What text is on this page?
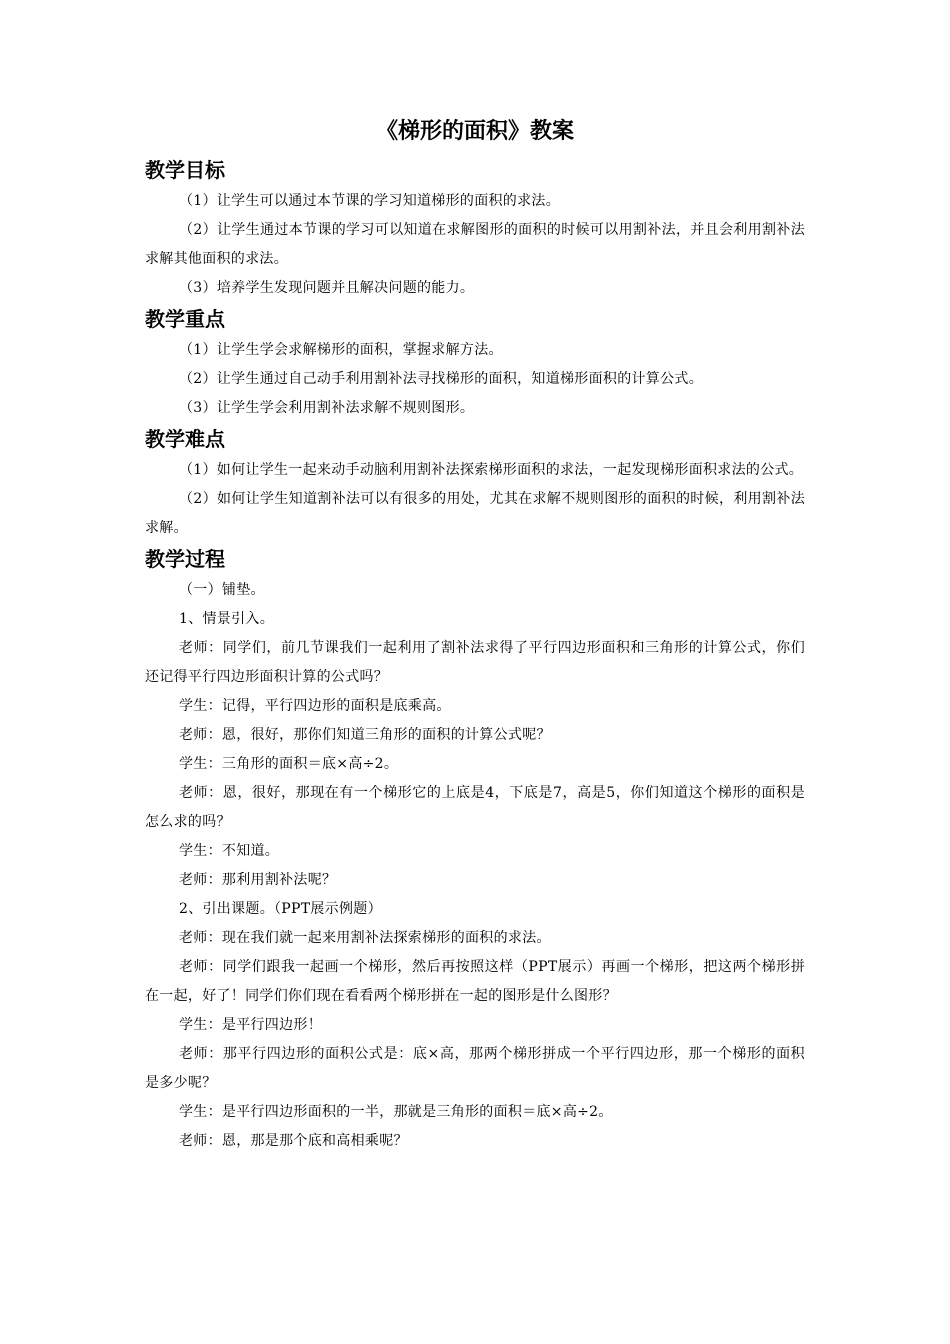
《梯形的面积》教案
教学目标

（1）让学生可以通过本节课的学习知道梯形的面积的求法。

（2）让学生通过本节课的学习可以知道在求解图形的面积的时候可以用割补法，并且会利用割补法求解其他面积的求法。

（3）培养学生发现问题并且解决问题的能力。

教学重点

（1）让学生学会求解梯形的面积，掌握求解方法。

（2）让学生通过自己动手利用割补法寻找梯形的面积，知道梯形面积的计算公式。

（3）让学生学会利用割补法求解不规则图形。

教学难点

（1）如何让学生一起来动手动脑利用割补法探索梯形面积的求法，一起发现梯形面积求法的公式。

（2）如何让学生知道割补法可以有很多的用处，尤其在求解不规则图形的面积的时候，利用割补法求解。

教学过程

（一）铺垫。

1、情景引入。

老师：同学们，前几节课我们一起利用了割补法求得了平行四边形面积和三角形的计算公式，你们还记得平行四边形面积计算的公式吗？

学生：记得，平行四边形的面积是底乘高。

老师：恩，很好，那你们知道三角形的面积的计算公式呢？

学生：三角形的面积＝底×高÷2。

老师：恩，很好，那现在有一个梯形它的上底是4，下底是7，高是5，你们知道这个梯形的面积是怎么求的吗？

学生：不知道。

老师：那利用割补法呢？

2、引出课题。（PPT展示例题）

老师：现在我们就一起来用割补法探索梯形的面积的求法。

老师：同学们跟我一起画一个梯形，然后再按照这样（PPT展示）再画一个梯形，把这两个梯形拼在一起，好了！同学们你们现在看看两个梯形拼在一起的图形是什么图形？

学生：是平行四边形！

老师：那平行四边形的面积公式是：底×高，那两个梯形拼成一个平行四边形，那一个梯形的面积是多少呢？

学生：是平行四边形面积的一半，那就是三角形的面积＝底×高÷2。

老师：恩，那是那个底和高相乘呢？
